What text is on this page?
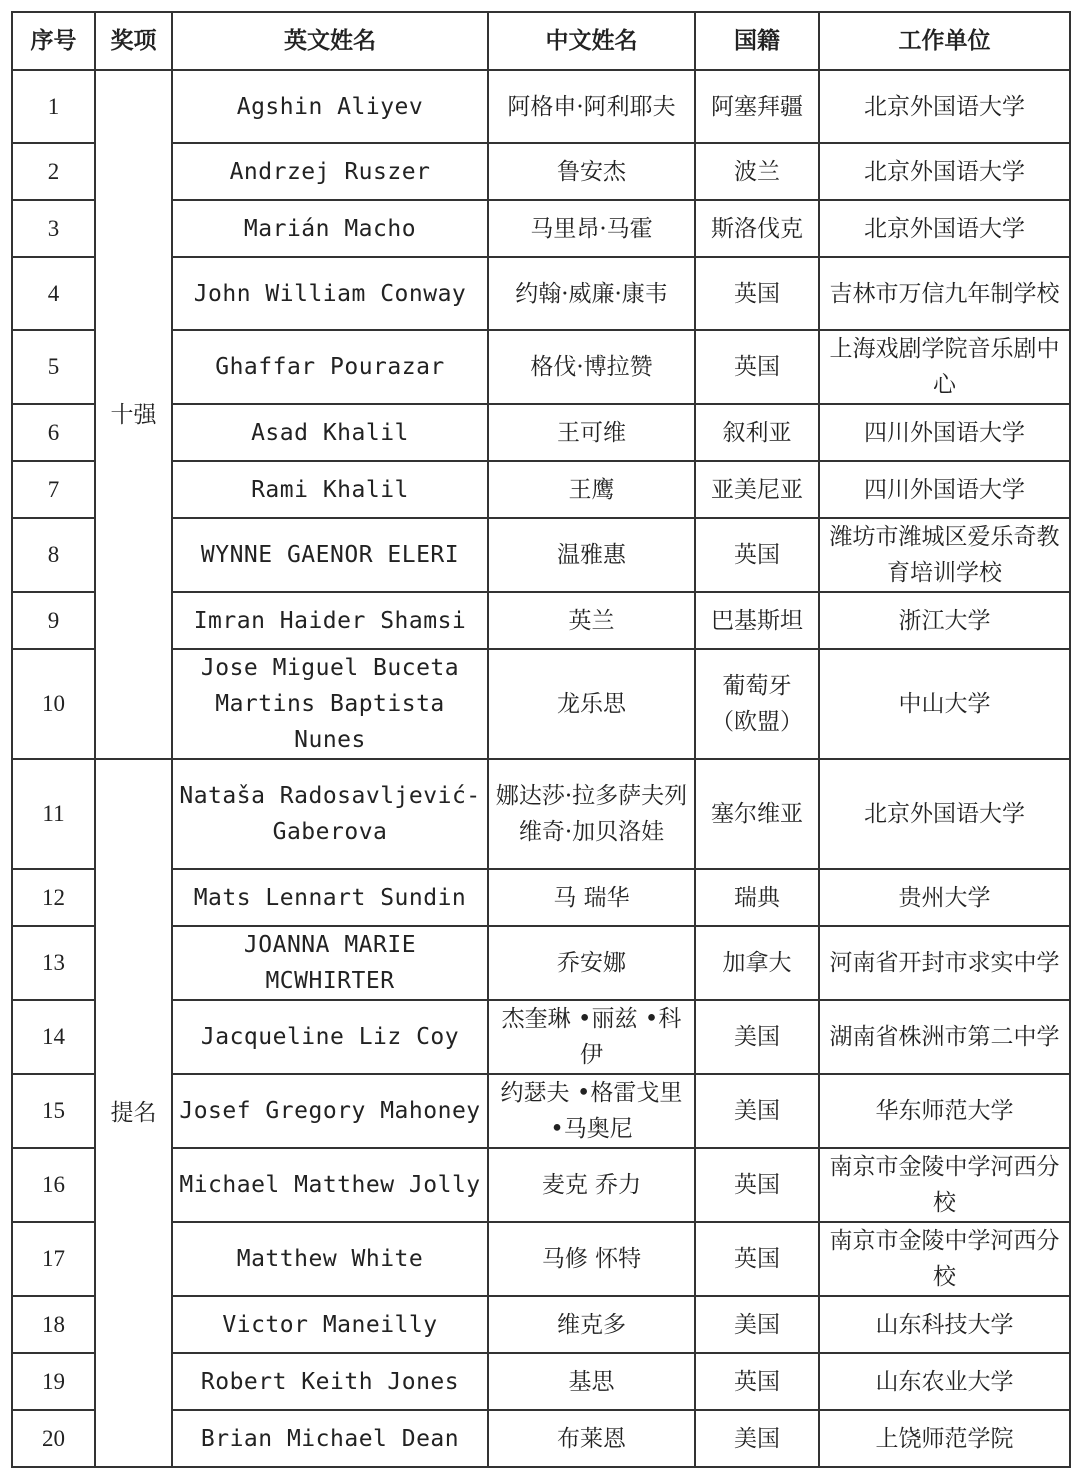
序号	奖项	英文姓名	中文姓名	国籍	工作单位
1	十强	Agshin Aliyev	阿格申·阿利耶夫	阿塞拜疆	北京外国语大学
2		Andrzej Ruszer	鲁安杰	波兰	北京外国语大学
3		Marián Macho	马里昂·马霍	斯洛伐克	北京外国语大学
4		John William Conway	约翰·威廉·康韦	英国	吉林市万信九年制学校
5		Ghaffar Pourazar	格伐·博拉赞	英国	上海戏剧学院音乐剧中心
6		Asad Khalil	王可维	叙利亚	四川外国语大学
7		Rami Khalil	王鹰	亚美尼亚	四川外国语大学
8		WYNNE GAENOR ELERI	温雅惠	英国	潍坊市潍城区爱乐奇教育培训学校
9		Imran Haider Shamsi	英兰	巴基斯坦	浙江大学
10		Jose Miguel Buceta Martins Baptista Nunes	龙乐思	葡萄牙（欧盟）	中山大学
11	提名	Nataša Radosavljević-Gaberova	娜达莎·拉多萨夫列维奇·加贝洛娃	塞尔维亚	北京外国语大学
12		Mats Lennart Sundin	马 瑞华	瑞典	贵州大学
13		JOANNA MARIE MCWHIRTER	乔安娜	加拿大	河南省开封市求实中学
14		Jacqueline Liz Coy	杰奎琳 •丽兹 •科伊	美国	湖南省株洲市第二中学
15		Josef Gregory Mahoney	约瑟夫 •格雷戈里 •马奥尼	美国	华东师范大学
16		Michael Matthew Jolly	麦克 乔力	英国	南京市金陵中学河西分校
17		Matthew White	马修 怀特	英国	南京市金陵中学河西分校
18		Victor Maneilly	维克多	美国	山东科技大学
19		Robert Keith Jones	基思	英国	山东农业大学
20		Brian Michael Dean	布莱恩	美国	上饶师范学院
